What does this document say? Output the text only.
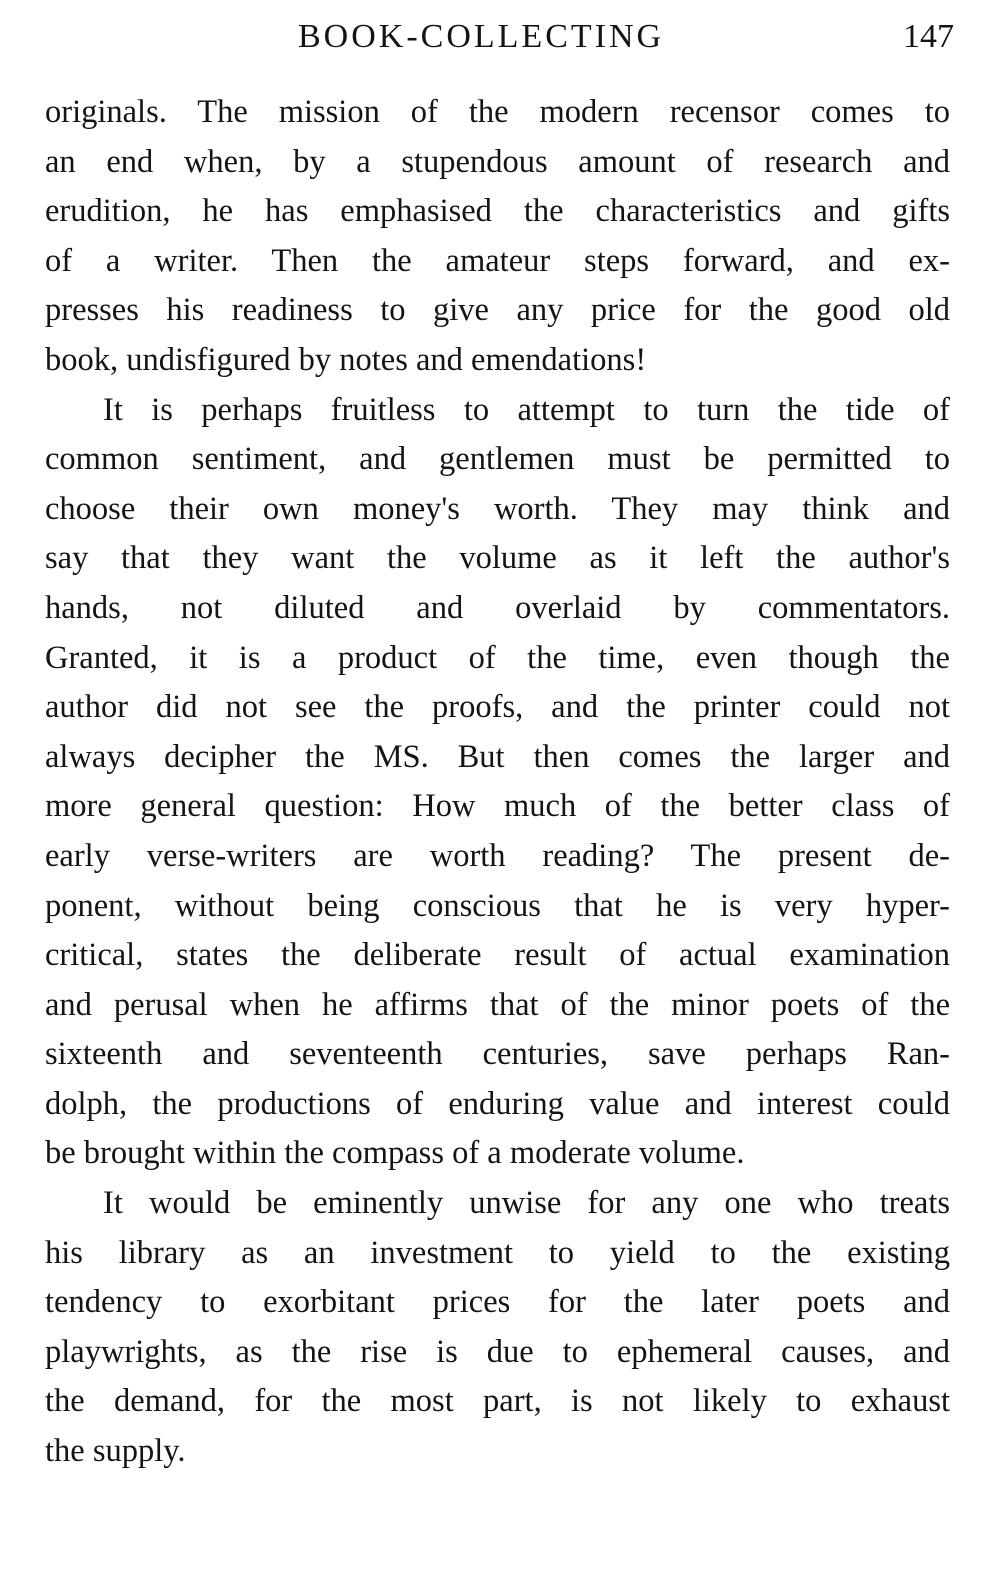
BOOK-COLLECTING	147
originals. The mission of the modern recensor comes to
an end when, by a stupendous amount of research and
erudition, he has emphasised the characteristics and gifts
of a writer. Then the amateur steps forward, and ex-
presses his readiness to give any price for the good old
book, undisfigured by notes and emendations!
It is perhaps fruitless to attempt to turn the tide of
common sentiment, and gentlemen must be permitted to
choose their own money's worth. They may think and
say that they want the volume as it left the author's
hands, not diluted and overlaid by commentators.
Granted, it is a product of the time, even though the
author did not see the proofs, and the printer could not
always decipher the MS. But then comes the larger and
more general question: How much of the better class of
early verse-writers are worth reading? The present de-
ponent, without being conscious that he is very hyper-
critical, states the deliberate result of actual examination
and perusal when he affirms that of the minor poets of the
sixteenth and seventeenth centuries, save perhaps Ran-
dolph, the productions of enduring value and interest could
be brought within the compass of a moderate volume.
It would be eminently unwise for any one who treats
his library as an investment to yield to the existing
tendency to exorbitant prices for the later poets and
playwrights, as the rise is due to ephemeral causes, and
the demand, for the most part, is not likely to exhaust
the supply.
